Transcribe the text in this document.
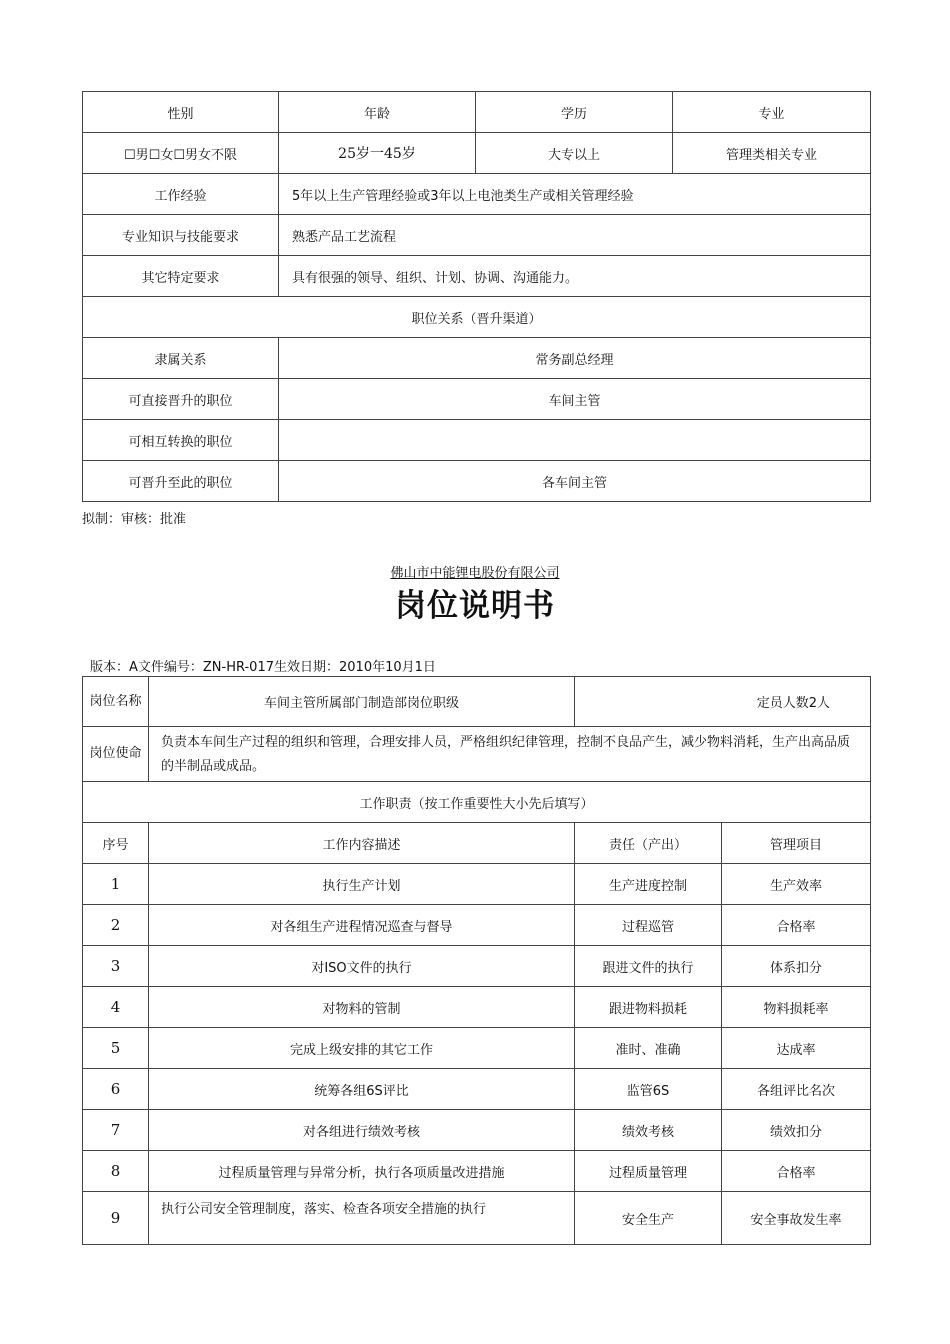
性别	年龄	学历	专业
☐男☐女☐男女不限	25岁一45岁	大专以上	管理类相关专业
工作经验	5年以上生产管理经验或3年以上电池类生产或相关管理经验		
专业知识与技能要求	熟悉产品工艺流程		
其它特定要求	具有很强的领导、组织、计划、协调、沟通能力。		
职位关系（晋升渠道）			
隶属关系	常务副总经理		
可直接晋升的职位	车间主管		
可相互转换的职位			
可晋升至此的职位	各车间主管		
拟制：审核：批准
佛山市中能锂电股份有限公司
岗位说明书
版本：A文件编号：ZN-HR-017生效日期：2010年10月1日
岗位名称	车间主管所属部门制造部岗位职级	定员人数2人	
岗位使命	负责本车间生产过程的组织和管理，合理安排人员，严格组织纪律管理，控制不良品产生，减少物料消耗，生产出高品质的半制品或成品。		
工作职责（按工作重要性大小先后填写）			
序号	工作内容描述	责任（产出）	管理项目
1	执行生产计划	生产进度控制	生产效率
2	对各组生产进程情况巡查与督导	过程巡管	合格率
3	对ISO文件的执行	跟进文件的执行	体系扣分
4	对物料的管制	跟进物料损耗	物料损耗率
5	完成上级安排的其它工作	准时、准确	达成率
6	统筹各组6S评比	监管6S	各组评比名次
7	对各组进行绩效考核	绩效考核	绩效扣分
8	过程质量管理与异常分析，执行各项质量改进措施	过程质量管理	合格率
9	执行公司安全管理制度，落实、检查各项安全措施的执行	安全生产	安全事故发生率
